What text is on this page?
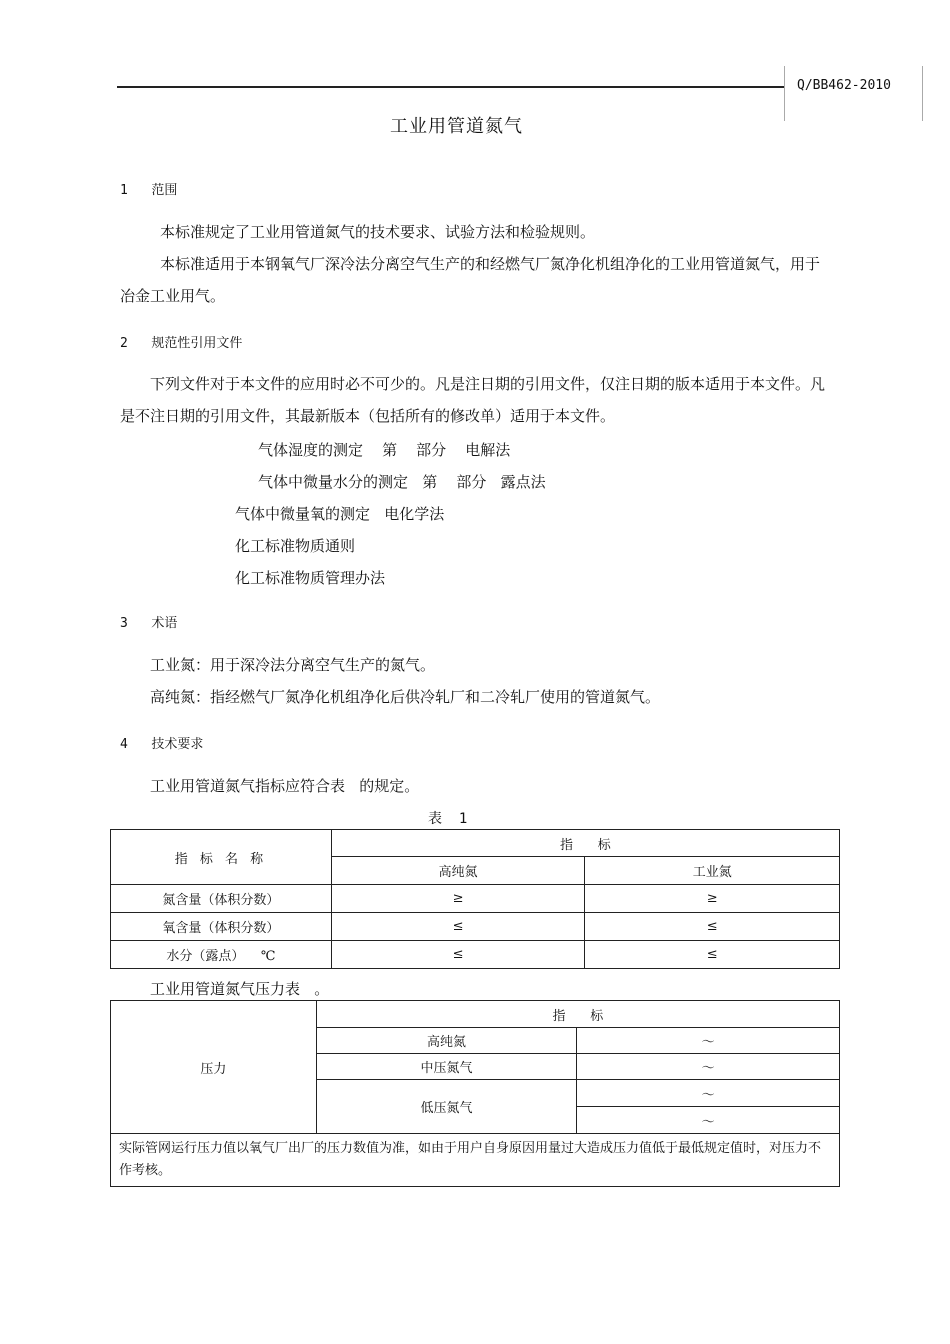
Q/BB462-2010
工业用管道氮气
1 范围
本标准规定了工业用管道氮气的技术要求、试验方法和检验规则。
本标准适用于本钢氧气厂深冷法分离空气生产的和经燃气厂氮净化机组净化的工业用管道氮气，用于
冶金工业用气。
2 规范性引用文件
下列文件对于本文件的应用时必不可少的。凡是注日期的引用文件，仅注日期的版本适用于本文件。凡
是不注日期的引用文件，其最新版本（包括所有的修改单）适用于本文件。
气体湿度的测定    第    部分    电解法
气体中微量水分的测定   第    部分   露点法
气体中微量氧的测定   电化学法
化工标准物质通则
化工标准物质管理办法
3 术语
工业氮：用于深冷法分离空气生产的氮气。
高纯氮：指经燃气厂氮净化机组净化后供冷轧厂和二冷轧厂使用的管道氮气。
4 技术要求
工业用管道氮气指标应符合表   的规定。
表  1
指 标 名 称	指      标	
	高纯氮	工业氮
氮含量（体积分数）	≥	≥
氧含量（体积分数）	≤	≤
水分（露点）    ℃	≤	≤
工业用管道氮气压力表   。
压力	指      标	
	高纯氮	～
	中压氮气	～
	低压氮气	～
		～
实际管网运行压力值以氧气厂出厂的压力数值为准，如由于用户自身原因用量过大造成压力值低于最低规定值时，对压力不作考核。		
